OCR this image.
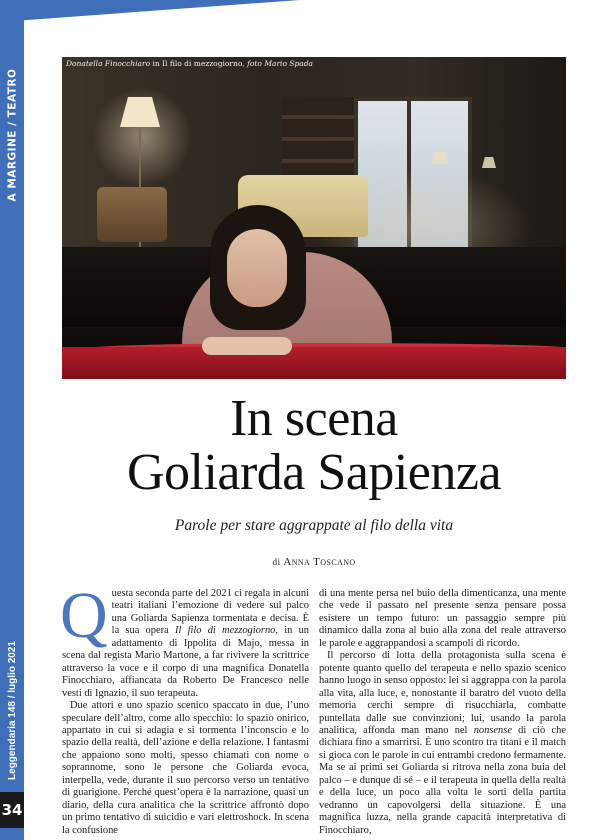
A MARGINE / TEATRO
Leggendaria 148 / luglio 2021
34
Donatella Finocchiaro in Il filo di mezzogiorno, foto Mario Spada
In scena
Goliarda Sapienza
Parole per stare aggrappate al filo della vita
di Anna Toscano

Questa seconda parte del 2021 ci regala in alcuni teatri italiani l’emozione di vedere sul palco una Goliarda Sapienza tormentata e decisa. È la sua opera Il filo di mezzogiorno, in un adattamento di Ippolita di Majo, messa in scena dal regista Mario Martone, a far rivivere la scrittrice attraverso la voce e il corpo di una magnifica Donatella Finocchiaro, affiancata da Roberto De Francesco nelle vesti di Ignazio, il suo terapeuta.

Due attori e uno spazio scenico spaccato in due, l’uno speculare dell’altro, come allo specchio: lo spazio onirico, appartato in cui si adagia e si tormenta l’inconscio e lo spazio della realtà, dell’azione e della relazione. I fantasmi che appaiono sono molti, spesso chiamati con nome o soprannome, sono le persone che Goliarda evoca, interpella, vede, durante il suo percorso verso un tentativo di guarigione. Perché quest’opera è la narrazione, quasi un diario, della cura analitica che la scrittrice affrontò dopo un primo tentativo di suicidio e vari elettroshock. In scena la confusione

di una mente persa nel buio della dimenticanza, una mente che vede il passato nel presente senza pensare possa esistere un tempo futuro: un passaggio sempre più dinamico dalla zona al buio alla zona del reale attraverso le parole e aggrappandosi a scampoli di ricordo.

Il percorso di lotta della protagonista sulla scena è potente quanto quello del terapeuta e nello spazio scenico hanno luogo in senso opposto: lei si aggrappa con la parola alla vita, alla luce, e, nonostante il baratro del vuoto della memoria cerchi sempre di risucchiarla, combatte puntellata dalle sue convinzioni; lui, usando la parola analitica, affonda man mano nel nonsense di ciò che dichiara fino a smarrirsi. È uno scontro tra titani e il match si gioca con le parole in cui entrambi credono fermamente. Ma se ai primi set Goliarda si ritrova nella zona buia del palco – e dunque di sé – e il terapeuta in quella della realtà e della luce, un poco alla volta le sorti della partita vedranno un capovolgersi della situazione. È una magnifica luzza, nella grande capacità interpretativa di Finocchiaro,
